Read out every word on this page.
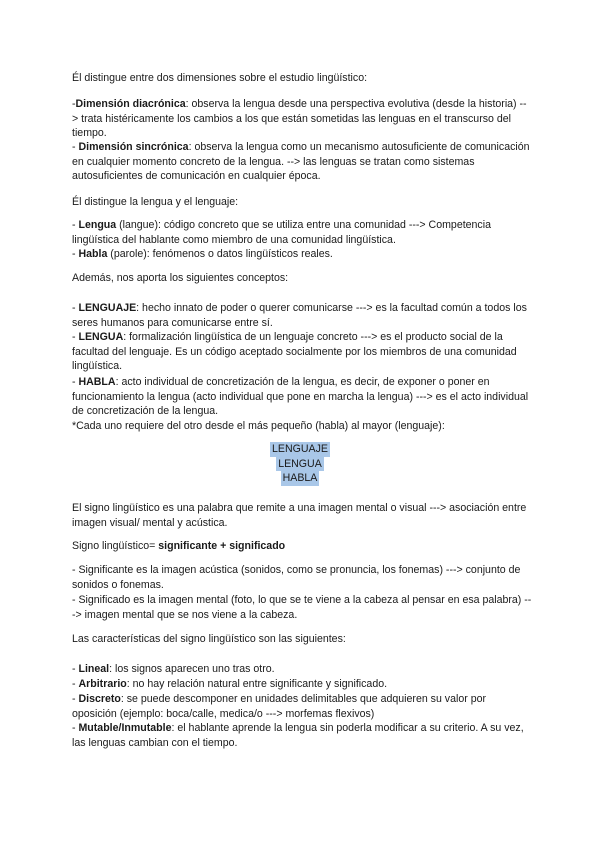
Él distingue entre dos dimensiones sobre el estudio lingüístico:

-Dimensión diacrónica: observa la lengua desde una perspectiva evolutiva (desde la historia) --> trata histéricamente los cambios a los que están sometidas las lenguas en el transcurso del tiempo.

- Dimensión sincrónica: observa la lengua como un mecanismo autosuficiente de comunicación en cualquier momento concreto de la lengua. --> las lenguas se tratan como sistemas autosuficientes de comunicación en cualquier época.

Él distingue la lengua y el lenguaje:

- Lengua (langue): código concreto que se utiliza entre una comunidad ---> Competencia lingüística del hablante como miembro de una comunidad lingüística.

- Habla (parole): fenómenos o datos lingüísticos reales.

Además, nos aporta los siguientes conceptos:

- LENGUAJE: hecho innato de poder o querer comunicarse ---> es la facultad común a todos los seres humanos para comunicarse entre sí.

- LENGUA: formalización lingüística de un lenguaje concreto ---> es el producto social de la facultad del lenguaje. Es un código aceptado socialmente por los miembros de una comunidad lingüística.

- HABLA: acto individual de concretización de la lengua, es decir, de exponer o poner en funcionamiento la lengua (acto individual que pone en marcha la lengua) ---> es el acto individual de concretización de la lengua.

*Cada uno requiere del otro desde el más pequeño (habla) al mayor (lenguaje):

LENGUAJE
LENGUA
HABLA

El signo lingüístico es una palabra que remite a una imagen mental o visual ---> asociación entre imagen visual/ mental y acústica.

Signo lingüístico= significante + significado

- Significante es la imagen acústica (sonidos, como se pronuncia, los fonemas) ---> conjunto de sonidos o fonemas.

- Significado es la imagen mental (foto, lo que se te viene a la cabeza al pensar en esa palabra) ---> imagen mental que se nos viene a la cabeza.

Las características del signo lingüístico son las siguientes:

- Lineal: los signos aparecen uno tras otro.

- Arbitrario: no hay relación natural entre significante y significado.

- Discreto: se puede descomponer en unidades delimitables que adquieren su valor por oposición (ejemplo: boca/calle, medica/o ---> morfemas flexivos)

- Mutable/Inmutable: el hablante aprende la lengua sin poderla modificar a su criterio. A su vez, las lenguas cambian con el tiempo.
